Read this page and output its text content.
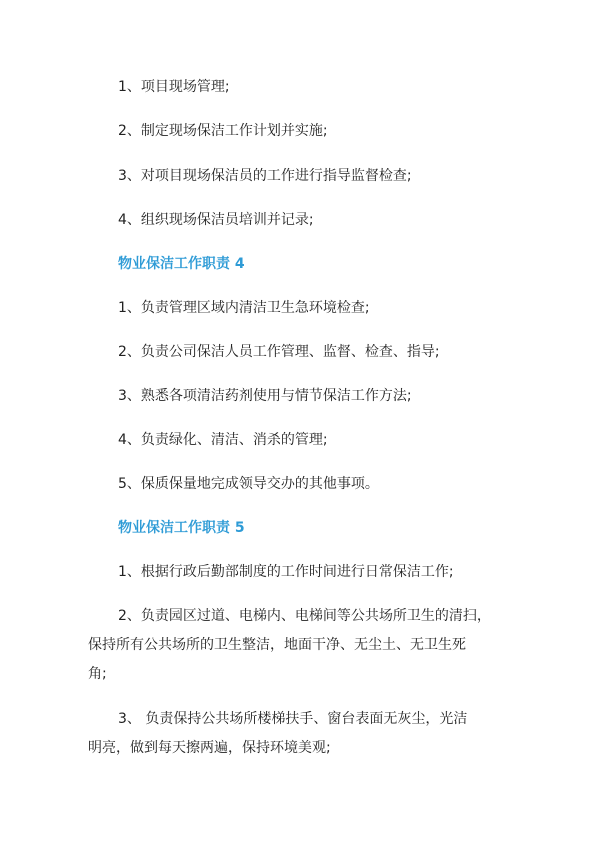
1、项目现场管理;

2、制定现场保洁工作计划并实施;

3、对项目现场保洁员的工作进行指导监督检查;

4、组织现场保洁员培训并记录;

物业保洁工作职责 4

1、负责管理区域内清洁卫生急环境检查;

2、负责公司保洁人员工作管理、监督、检查、指导;

3、熟悉各项清洁药剂使用与情节保洁工作方法;

4、负责绿化、清洁、消杀的管理;

5、保质保量地完成领导交办的其他事项。

物业保洁工作职责 5

1、根据行政后勤部制度的工作时间进行日常保洁工作;

2、负责园区过道、电梯内、电梯间等公共场所卫生的清扫，

保持所有公共场所的卫生整洁，地面干净、无尘土、无卫生死

角;

3、 负责保持公共场所楼梯扶手、窗台表面无灰尘，光洁

明亮，做到每天擦两遍，保持环境美观;
